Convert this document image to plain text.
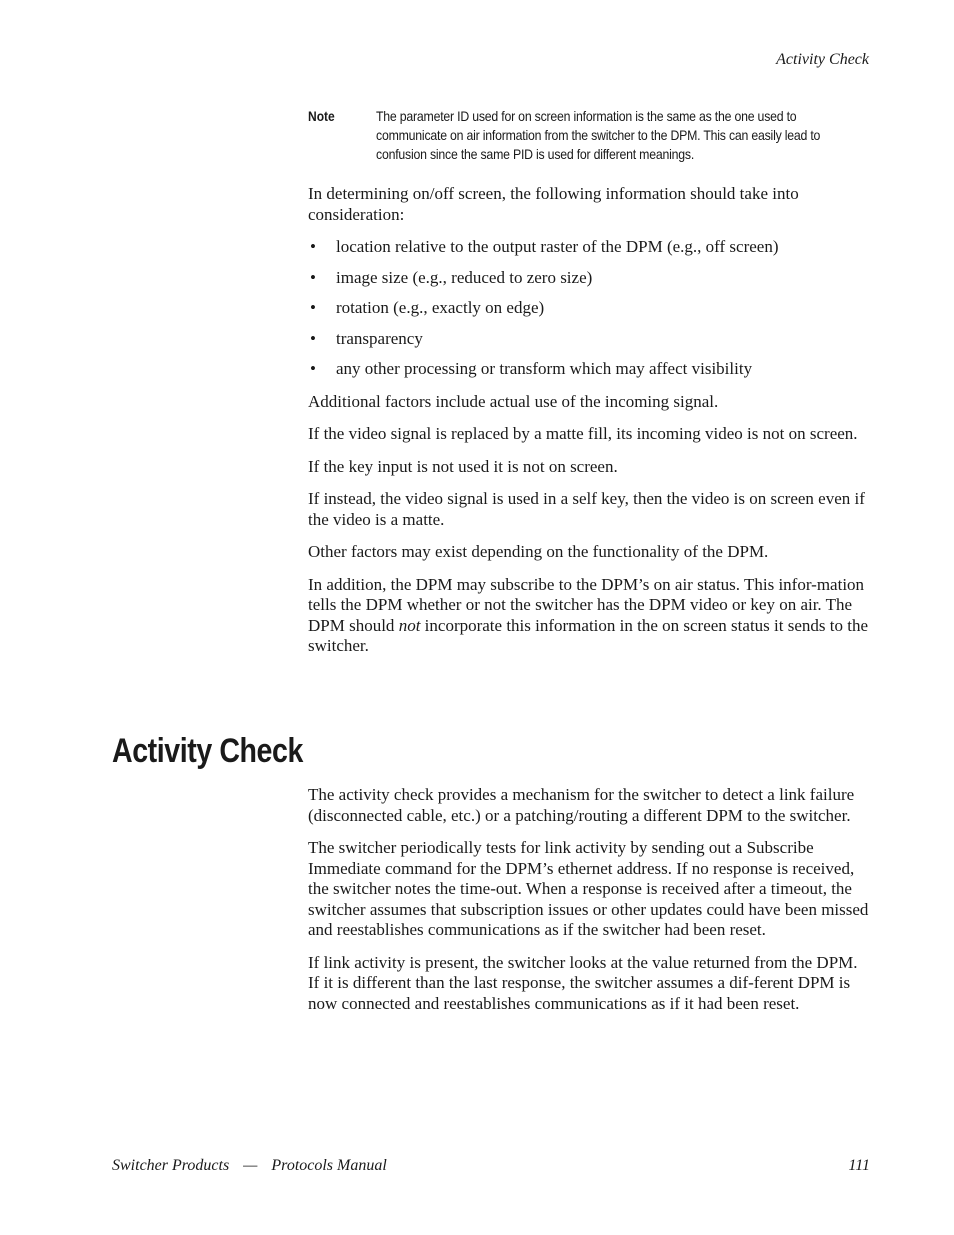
Activity Check

Note	The parameter ID used for on screen information is the same as the one used to communicate on air information from the switcher to the DPM. This can easily lead to confusion since the same PID is used for different meanings.

In determining on/off screen, the following information should take into consideration:

• location relative to the output raster of the DPM (e.g., off screen)
• image size (e.g., reduced to zero size)
• rotation (e.g., exactly on edge)
• transparency
• any other processing or transform which may affect visibility

Additional factors include actual use of the incoming signal.

If the video signal is replaced by a matte fill, its incoming video is not on screen.

If the key input is not used it is not on screen.

If instead, the video signal is used in a self key, then the video is on screen even if the video is a matte.

Other factors may exist depending on the functionality of the DPM.

In addition, the DPM may subscribe to the DPM’s on air status. This infor-mation tells the DPM whether or not the switcher has the DPM video or key on air. The DPM should not incorporate this information in the on screen status it sends to the switcher.

Activity Check

The activity check provides a mechanism for the switcher to detect a link failure (disconnected cable, etc.) or a patching/routing a different DPM to the switcher.

The switcher periodically tests for link activity by sending out a Subscribe Immediate command for the DPM’s ethernet address. If no response is received, the switcher notes the time-out. When a response is received after a timeout, the switcher assumes that subscription issues or other updates could have been missed and reestablishes communications as if the switcher had been reset.

If link activity is present, the switcher looks at the value returned from the DPM. If it is different than the last response, the switcher assumes a dif-ferent DPM is now connected and reestablishes communications as if it had been reset.

Switcher Products — Protocols Manual	111
